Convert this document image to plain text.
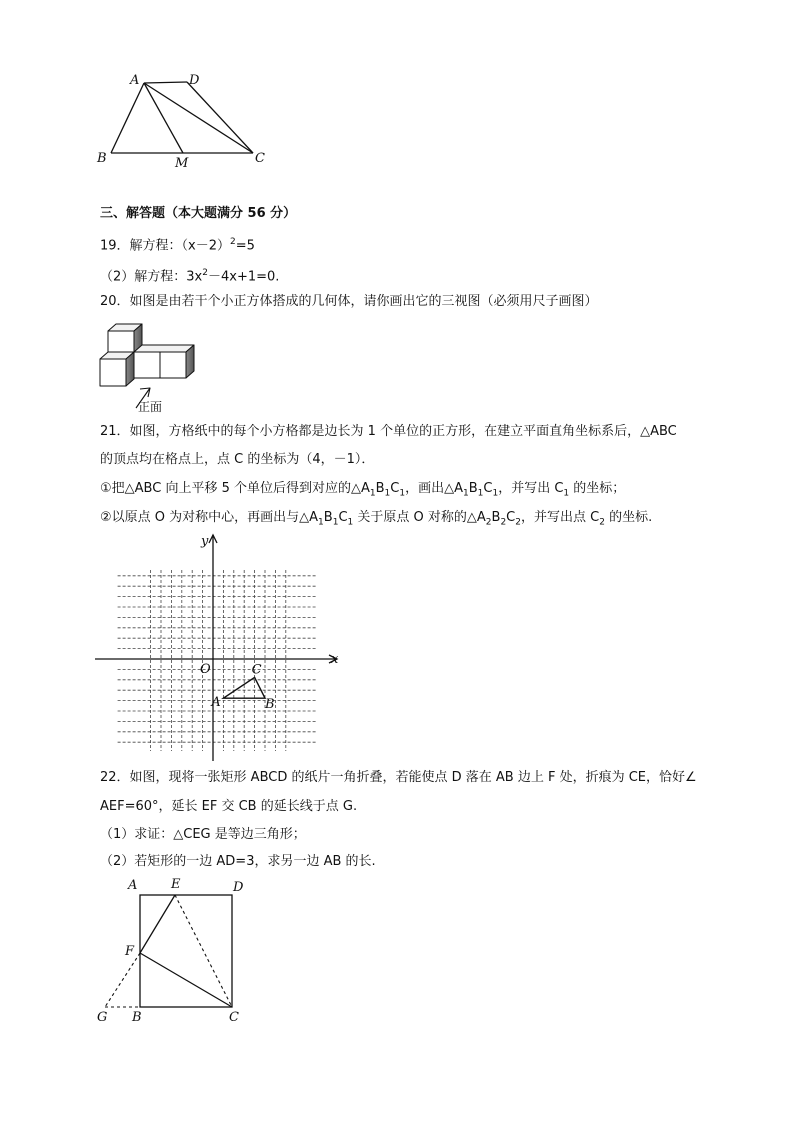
A	D
B	M	C
三、解答题（本大题满分 56 分）
19．解方程：$(x-2)^2=5$
（2）解方程：$3x^2-4x+1=0$.
20．如图是由若干个小正方体搭成的几何体，请你画出它的三视图（必须用尺子画图）
正面
21．如图，方格纸中的每个小方格都是边长为 1 个单位的正方形，在建立平面直角坐标系后，△ABC
的顶点均在格点上，点 C 的坐标为（4，－1）．
①把△ABC 向上平移 5 个单位后得到对应的$\triangle A_1B_1C_1$，画出$\triangle A_1B_1C_1$，并写出 $C_1$ 的坐标；
②以原点 O 为对称中心，再画出与$\triangle A_1B_1C_1$ 关于原点 O 对称的$\triangle A_2B_2C_2$，并写出点 $C_2$ 的坐标.
x
y
O
A	B
C
22．如图，现将一张矩形 ABCD 的纸片一角折叠，若能使点 D 落在 AB 边上 F 处，折痕为 CE，恰好∠
AEF=60°，延长 EF 交 CB 的延长线于点 G.
（1）求证：△CEG 是等边三角形；
（2）若矩形的一边 AD=3，求另一边 AB 的长.
A	E	D
F
G B	C
